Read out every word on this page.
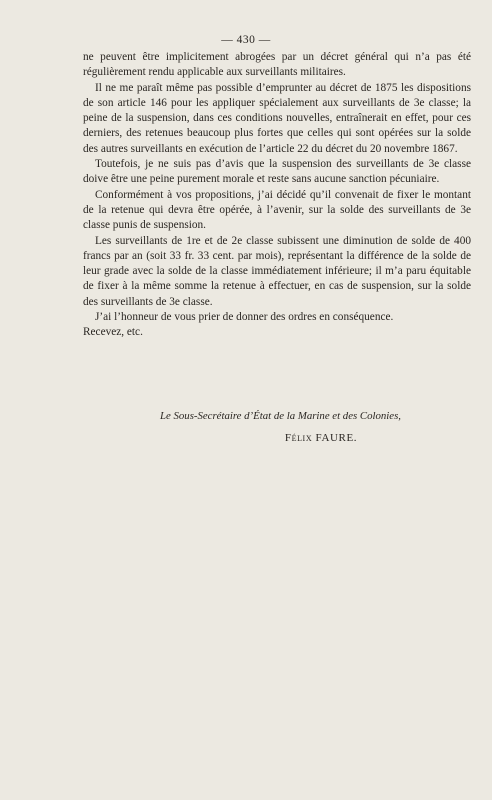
— 430 —

ne peuvent être implicitement abrogées par un décret général qui n’a pas été régulièrement rendu applicable aux surveillants militaires.

Il ne me paraît même pas possible d’emprunter au décret de 1875 les dispositions de son article 146 pour les appliquer spécialement aux surveillants de 3e classe; la peine de la suspension, dans ces conditions nouvelles, entraînerait en effet, pour ces derniers, des retenues beaucoup plus fortes que celles qui sont opérées sur la solde des autres surveillants en exécution de l’article 22 du décret du 20 novembre 1867.

Toutefois, je ne suis pas d’avis que la suspension des surveillants de 3e classe doive être une peine purement morale et reste sans aucune sanction pécuniaire.

Conformément à vos propositions, j’ai décidé qu’il convenait de fixer le montant de la retenue qui devra être opérée, à l’avenir, sur la solde des surveillants de 3e classe punis de suspension.

Les surveillants de 1re et de 2e classe subissent une diminution de solde de 400 francs par an (soit 33 fr. 33 cent. par mois), représentant la différence de la solde de leur grade avec la solde de la classe immédiatement inférieure; il m’a paru équitable de fixer à la même somme la retenue à effectuer, en cas de suspension, sur la solde des surveillants de 3e classe.

J’ai l’honneur de vous prier de donner des ordres en conséquence.

Recevez, etc.

Le Sous-Secrétaire d’État de la Marine et des Colonies,
Félix FAURE.
